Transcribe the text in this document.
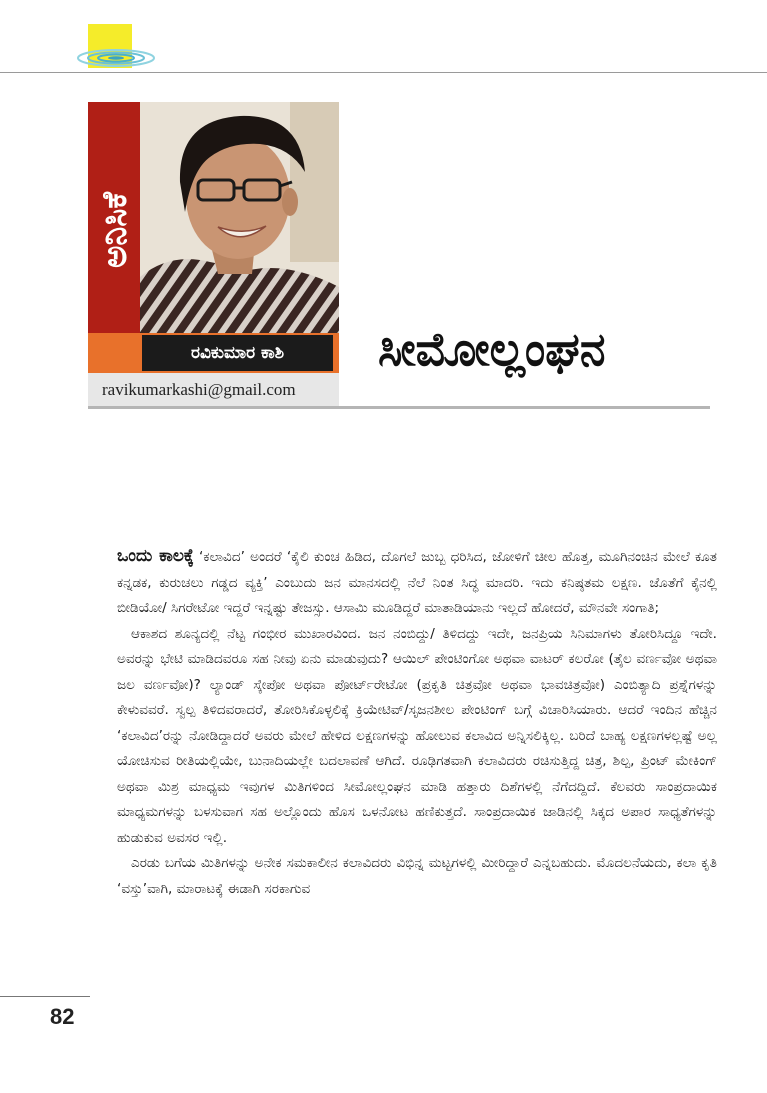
ಅನಿಸಿಕೆ
ರವಿಕುಮಾರ ಕಾಶಿ
ravikumarkashi@gmail.com
ಸೀಮೋಲ್ಲಂಘನ

ಒಂದು ಕಾಲಕ್ಕೆ ‘ಕಲಾವಿದ’ ಅಂದರೆ ‘ಕೈಲಿ ಕುಂಚ ಹಿಡಿದ, ದೊಗಲೆ ಜುಬ್ಬ ಧರಿಸಿದ, ಜೋಳಿಗೆ ಚೀಲ ಹೊತ್ತ, ಮೂಗಿನಂಚಿನ ಮೇಲೆ ಕೂತ ಕನ್ನಡಕ, ಕುರುಚಲು ಗಡ್ಡದ ವ್ಯಕ್ತಿ’ ಎಂಬುದು ಜನ ಮಾನಸದಲ್ಲಿ ನೆಲೆ ನಿಂತ ಸಿದ್ಧ ಮಾದರಿ. ಇದು ಕನಿಷ್ಠತಮ ಲಕ್ಷಣ. ಜೊತೆಗೆ ಕೈನಲ್ಲಿ ಬೀಡಿಯೋ/ ಸಿಗರೇಟೋ ಇದ್ದರೆ ಇನ್ನಷ್ಟು ತೇಜಸ್ಸು. ಆಸಾಮಿ ಮೂಡಿದ್ದರೆ ಮಾತಾಡಿಯಾನು ಇಲ್ಲದೆ ಹೋದರೆ, ಮೌನವೇ ಸಂಗಾತಿ;

ಆಕಾಶದ ಶೂನ್ಯದಲ್ಲಿ ನೆಟ್ಟ ಗಂಭೀರ ಮುಖಾರವಿಂದ. ಜನ ನಂಬಿದ್ದು/ ತಿಳಿದದ್ದು ಇದೇ, ಜನಪ್ರಿಯ ಸಿನಿಮಾಗಳು ತೋರಿಸಿದ್ದೂ ಇದೇ. ಅವರನ್ನು ಭೇಟಿ ಮಾಡಿದವರೂ ಸಹ ನೀವು ಏನು ಮಾಡುವುದು? ಆಯಿಲ್ ಪೇಂಟಿಂಗೋ ಅಥವಾ ವಾಟರ್ ಕಲರೋ (ತೈಲ ವರ್ಣವೋ ಅಥವಾ ಜಲ ವರ್ಣವೋ)? ಲ್ಯಾಂಡ್ ಸ್ಕೇಪೋ ಅಥವಾ ಪೋರ್ಟ್‌ರೇಟೋ (ಪ್ರಕೃತಿ ಚಿತ್ರವೋ ಅಥವಾ ಭಾವಚಿತ್ರವೋ) ಎಂಬಿತ್ಯಾದಿ ಪ್ರಶ್ನೆಗಳನ್ನು ಕೇಳುವವರೆ. ಸ್ವಲ್ಪ ತಿಳಿದವರಾದರೆ, ತೋರಿಸಿಕೊಳ್ಳಲಿಕ್ಕೆ ಕ್ರಿಯೇಟಿವ್/ಸೃಜನಶೀಲ ಪೇಂಟಿಂಗ್ ಬಗ್ಗೆ ವಿಚಾರಿಸಿಯಾರು. ಆದರೆ ಇಂದಿನ ಹೆಚ್ಚಿನ ‘ಕಲಾವಿದ’ರನ್ನು ನೋಡಿದ್ದಾದರೆ ಅವರು ಮೇಲೆ ಹೇಳಿದ ಲಕ್ಷಣಗಳನ್ನು ಹೋಲುವ ಕಲಾವಿದ ಅನ್ನಿಸಲಿಕ್ಕಿಲ್ಲ. ಬರಿದೆ ಬಾಹ್ಯ ಲಕ್ಷಣಗಳಲ್ಲಷ್ಟೆ ಅಲ್ಲ ಯೋಚಿಸುವ ರೀತಿಯಲ್ಲಿಯೇ, ಬುನಾದಿಯಲ್ಲೇ ಬದಲಾವಣೆ ಆಗಿದೆ. ರೂಢಿಗತವಾಗಿ ಕಲಾವಿದರು ರಚಿಸುತ್ತಿದ್ದ ಚಿತ್ರ, ಶಿಲ್ಪ, ಪ್ರಿಂಟ್ ಮೇಕಿಂಗ್ ಅಥವಾ ಮಿಶ್ರ ಮಾಧ್ಯಮ ಇವುಗಳ ಮಿತಿಗಳಿಂದ ಸೀಮೋಲ್ಲಂಘನ ಮಾಡಿ ಹತ್ತಾರು ದಿಶೆಗಳಲ್ಲಿ ನೆಗೆದದ್ದಿದೆ. ಕೆಲವರು ಸಾಂಪ್ರದಾಯಿಕ ಮಾಧ್ಯಮಗಳನ್ನು ಬಳಸುವಾಗ ಸಹ ಅಲ್ಲೊಂದು ಹೊಸ ಒಳನೋಟ ಹಣಿಕುತ್ತದೆ. ಸಾಂಪ್ರದಾಯಿಕ ಜಾಡಿನಲ್ಲಿ ಸಿಕ್ಕದ ಅಪಾರ ಸಾಧ್ಯತೆಗಳನ್ನು ಹುಡುಕುವ ಅವಸರ ಇಲ್ಲಿ.

ಎರಡು ಬಗೆಯ ಮಿತಿಗಳನ್ನು ಅನೇಕ ಸಮಕಾಲೀನ ಕಲಾವಿದರು ವಿಭಿನ್ನ ಮಟ್ಟಗಳಲ್ಲಿ ಮೀರಿದ್ದಾರೆ ಎನ್ನಬಹುದು. ಮೊದಲನೆಯದು, ಕಲಾ ಕೃತಿ ‘ವಸ್ತು’ವಾಗಿ, ಮಾರಾಟಕ್ಕೆ ಈಡಾಗಿ ಸರಕಾಗುವ

82
